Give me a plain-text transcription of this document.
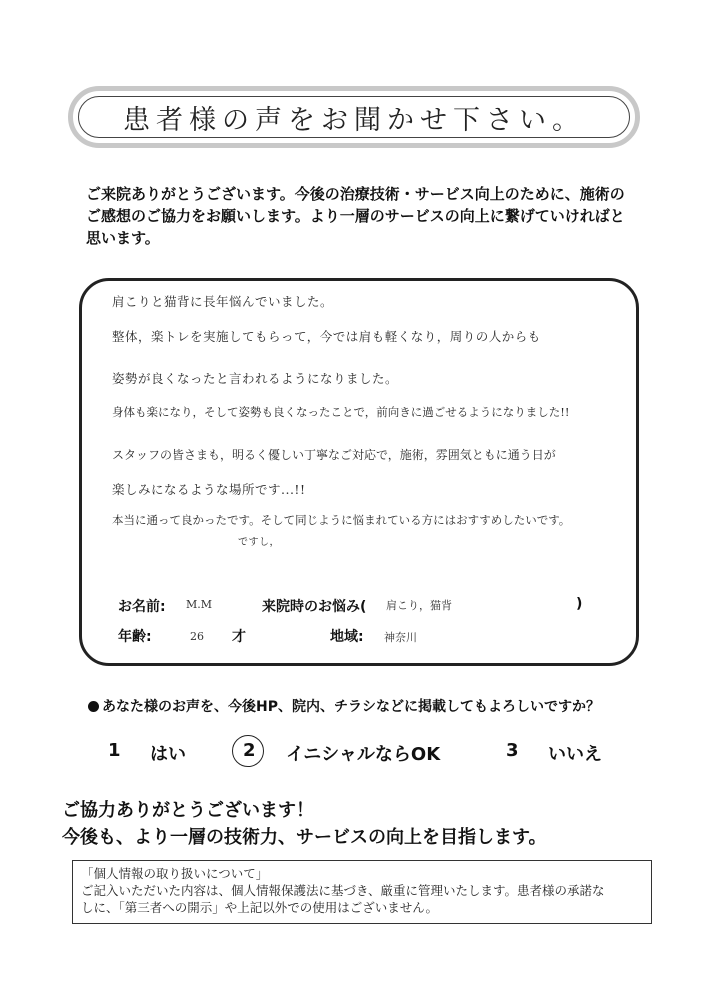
患者様の声をお聞かせ下さい。
ご来院ありがとうございます。今後の治療技術・サービス向上のために、施術の
ご感想のご協力をお願いします。より一層のサービスの向上に繋げていければと
思います。
肩こりと猫背に長年悩んでいました。
整体，楽トレを実施してもらって，今では肩も軽くなり，周りの人からも
姿勢が良くなったと言われるようになりました。
身体も楽になり，そして姿勢も良くなったことで，前向きに過ごせるようになりました!!
スタッフの皆さまも，明るく優しい丁寧なご対応で，施術，雰囲気ともに通う日が
楽しみになるような場所です...!!
本当に通って良かったです。そして同じように悩まれている方にはおすすめしたいです。
ですし，
お名前: M.M	来院時のお悩み( 肩こり，猫背	)
年齢:	26 才	地域: 神奈川
あなた様のお声を、今後HP、院内、チラシなどに掲載してもよろしいですか？
1 はい	2 イニシャルならOK	3 いいえ
ご協力ありがとうございます！
今後も、より一層の技術力、サービスの向上を目指します。
「個人情報の取り扱いについて」
ご記入いただいた内容は、個人情報保護法に基づき、厳重に管理いたします。患者様の承諾な
しに、「第三者への開示」や上記以外での使用はございません。
